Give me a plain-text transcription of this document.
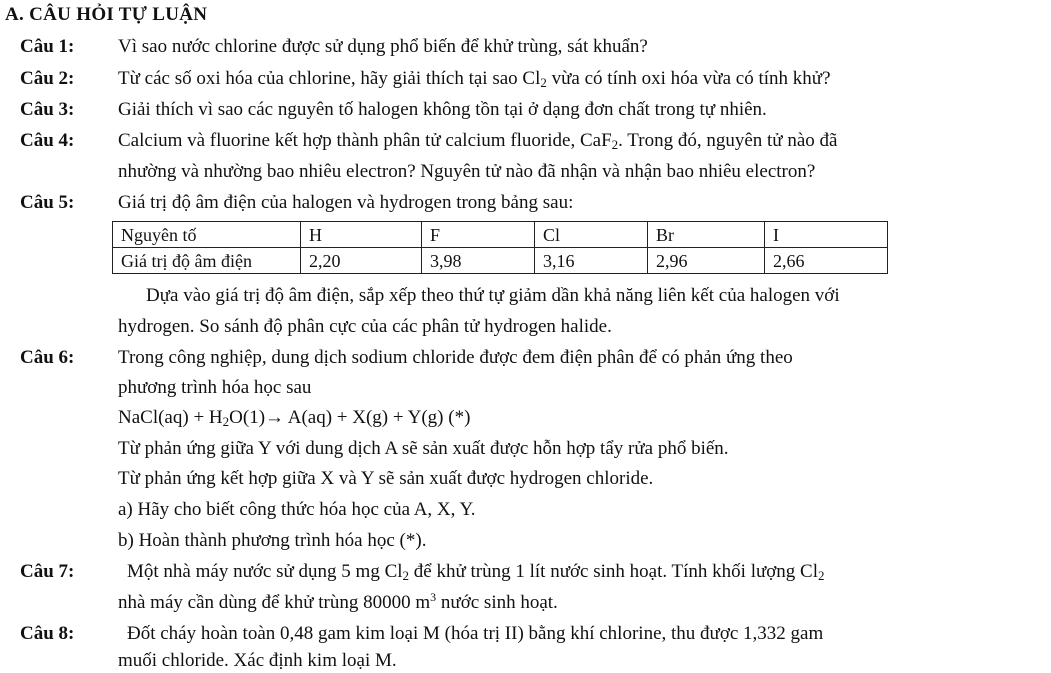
A. CÂU HỎI TỰ LUẬN
Câu 1: Vì sao nước chlorine được sử dụng phổ biến để khử trùng, sát khuẩn?
Câu 2: Từ các số oxi hóa của chlorine, hãy giải thích tại sao $Cl_2$ vừa có tính oxi hóa vừa có tính khử?
Câu 3: Giải thích vì sao các nguyên tố halogen không tồn tại ở dạng đơn chất trong tự nhiên.
Câu 4: Calcium và fluorine kết hợp thành phân tử calcium fluoride, CaF$_2$. Trong đó, nguyên tử nào đã
nhường và nhường bao nhiêu electron? Nguyên tử nào đã nhận và nhận bao nhiêu electron?
Câu 5: Giá trị độ âm điện của halogen và hydrogen trong bảng sau:
Nguyên tố	H	F	Cl	Br	I
Giá trị độ âm điện	2,20	3,98	3,16	2,96	2,66
Dựa vào giá trị độ âm điện, sắp xếp theo thứ tự giảm dần khả năng liên kết của halogen với
hydrogen. So sánh độ phân cực của các phân tử hydrogen halide.
Câu 6: Trong công nghiệp, dung dịch sodium chloride được đem điện phân để có phản ứng theo
phương trình hóa học sau
NaCl(aq) + $H_2O(1)\to A(aq) + X(g) + Y(g)$ (*)
Từ phản ứng giữa Y với dung dịch A sẽ sản xuất được hỗn hợp tẩy rửa phổ biến.
Từ phản ứng kết hợp giữa X và Y sẽ sản xuất được hydrogen chloride.
a) Hãy cho biết công thức hóa học của A, X, Y.
b) Hoàn thành phương trình hóa học (*).
Câu 7:	Một nhà máy nước sử dụng 5 mg $Cl_2$ để khử trùng 1 lít nước sinh hoạt. Tính khối lượng $Cl_2$
nhà máy cần dùng để khử trùng 80000 $m^3$ nước sinh hoạt.
Câu 8:	Đốt cháy hoàn toàn 0,48 gam kim loại M (hóa trị II) bằng khí chlorine, thu được 1,332 gam
muối chloride. Xác định kim loại M.
